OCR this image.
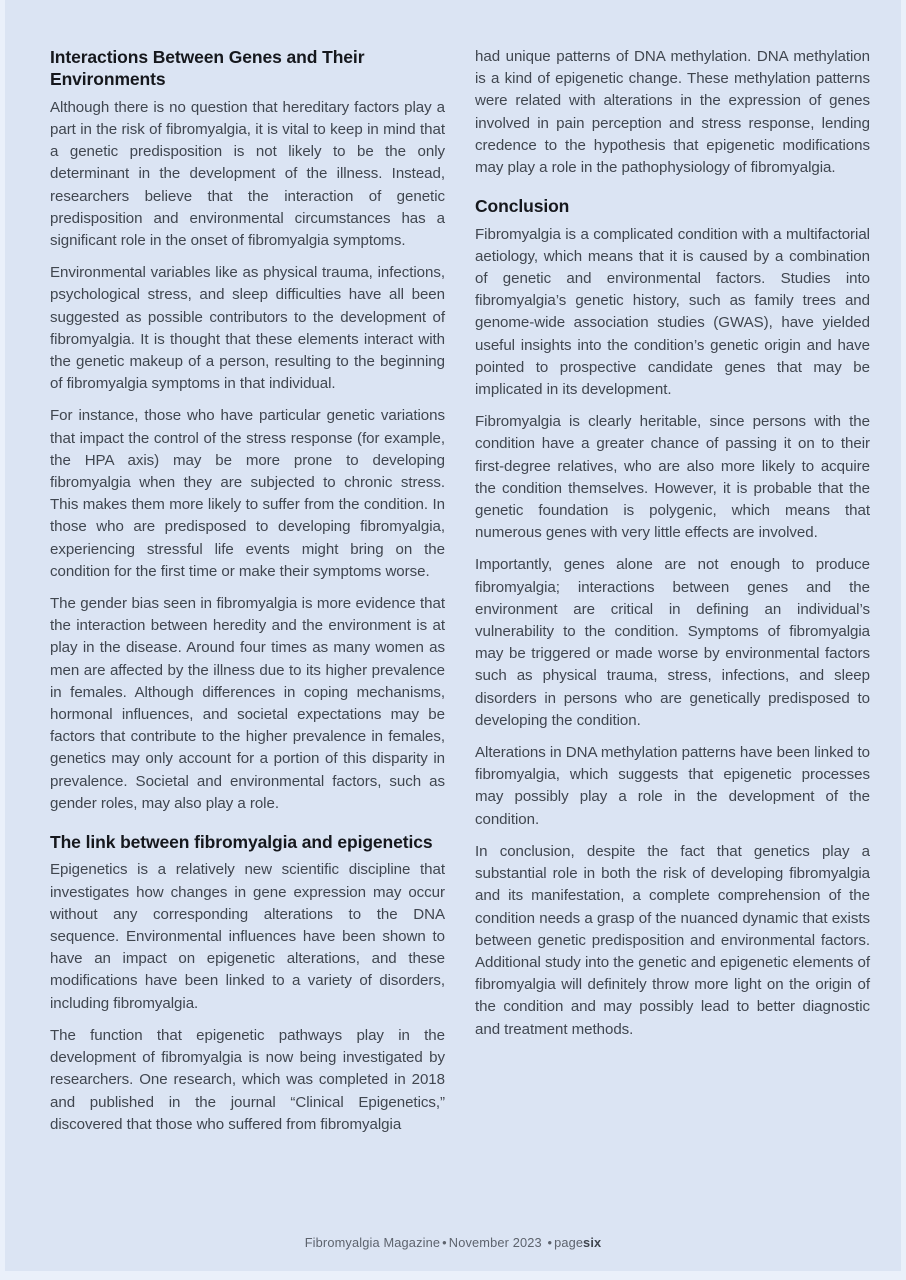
Interactions Between Genes and Their Environments

Although there is no question that hereditary factors play a part in the risk of fibromyalgia, it is vital to keep in mind that a genetic predisposition is not likely to be the only determinant in the development of the illness. Instead, researchers believe that the interaction of genetic predisposition and environmental circumstances has a significant role in the onset of fibromyalgia symptoms.

Environmental variables like as physical trauma, infections, psychological stress, and sleep difficulties have all been suggested as possible contributors to the development of fibromyalgia. It is thought that these elements interact with the genetic makeup of a person, resulting to the beginning of fibromyalgia symptoms in that individual.

For instance, those who have particular genetic variations that impact the control of the stress response (for example, the HPA axis) may be more prone to developing fibromyalgia when they are subjected to chronic stress. This makes them more likely to suffer from the condition. In those who are predisposed to developing fibromyalgia, experiencing stressful life events might bring on the condition for the first time or make their symptoms worse.

The gender bias seen in fibromyalgia is more evidence that the interaction between heredity and the environment is at play in the disease. Around four times as many women as men are affected by the illness due to its higher prevalence in females. Although differences in coping mechanisms, hormonal influences, and societal expectations may be factors that contribute to the higher prevalence in females, genetics may only account for a portion of this disparity in prevalence. Societal and environmental factors, such as gender roles, may also play a role.

The link between fibromyalgia and epigenetics

Epigenetics is a relatively new scientific discipline that investigates how changes in gene expression may occur without any corresponding alterations to the DNA sequence. Environmental influences have been shown to have an impact on epigenetic alterations, and these modifications have been linked to a variety of disorders, including fibromyalgia.

The function that epigenetic pathways play in the development of fibromyalgia is now being investigated by researchers. One research, which was completed in 2018 and published in the journal “Clinical Epigenetics,” discovered that those who suffered from fibromyalgia

had unique patterns of DNA methylation. DNA methylation is a kind of epigenetic change. These methylation patterns were related with alterations in the expression of genes involved in pain perception and stress response, lending credence to the hypothesis that epigenetic modifications may play a role in the pathophysiology of fibromyalgia.

Conclusion

Fibromyalgia is a complicated condition with a multifactorial aetiology, which means that it is caused by a combination of genetic and environmental factors. Studies into fibromyalgia’s genetic history, such as family trees and genome-wide association studies (GWAS), have yielded useful insights into the condition’s genetic origin and have pointed to prospective candidate genes that may be implicated in its development.

Fibromyalgia is clearly heritable, since persons with the condition have a greater chance of passing it on to their first-degree relatives, who are also more likely to acquire the condition themselves. However, it is probable that the genetic foundation is polygenic, which means that numerous genes with very little effects are involved.

Importantly, genes alone are not enough to produce fibromyalgia; interactions between genes and the environment are critical in defining an individual’s vulnerability to the condition. Symptoms of fibromyalgia may be triggered or made worse by environmental factors such as physical trauma, stress, infections, and sleep disorders in persons who are genetically predisposed to developing the condition.

Alterations in DNA methylation patterns have been linked to fibromyalgia, which suggests that epigenetic processes may possibly play a role in the development of the condition.

In conclusion, despite the fact that genetics play a substantial role in both the risk of developing fibromyalgia and its manifestation, a complete comprehension of the condition needs a grasp of the nuanced dynamic that exists between genetic predisposition and environmental factors. Additional study into the genetic and epigenetic elements of fibromyalgia will definitely throw more light on the origin of the condition and may possibly lead to better diagnostic and treatment methods.

Fibromyalgia Magazine • November 2023 • pagesix
